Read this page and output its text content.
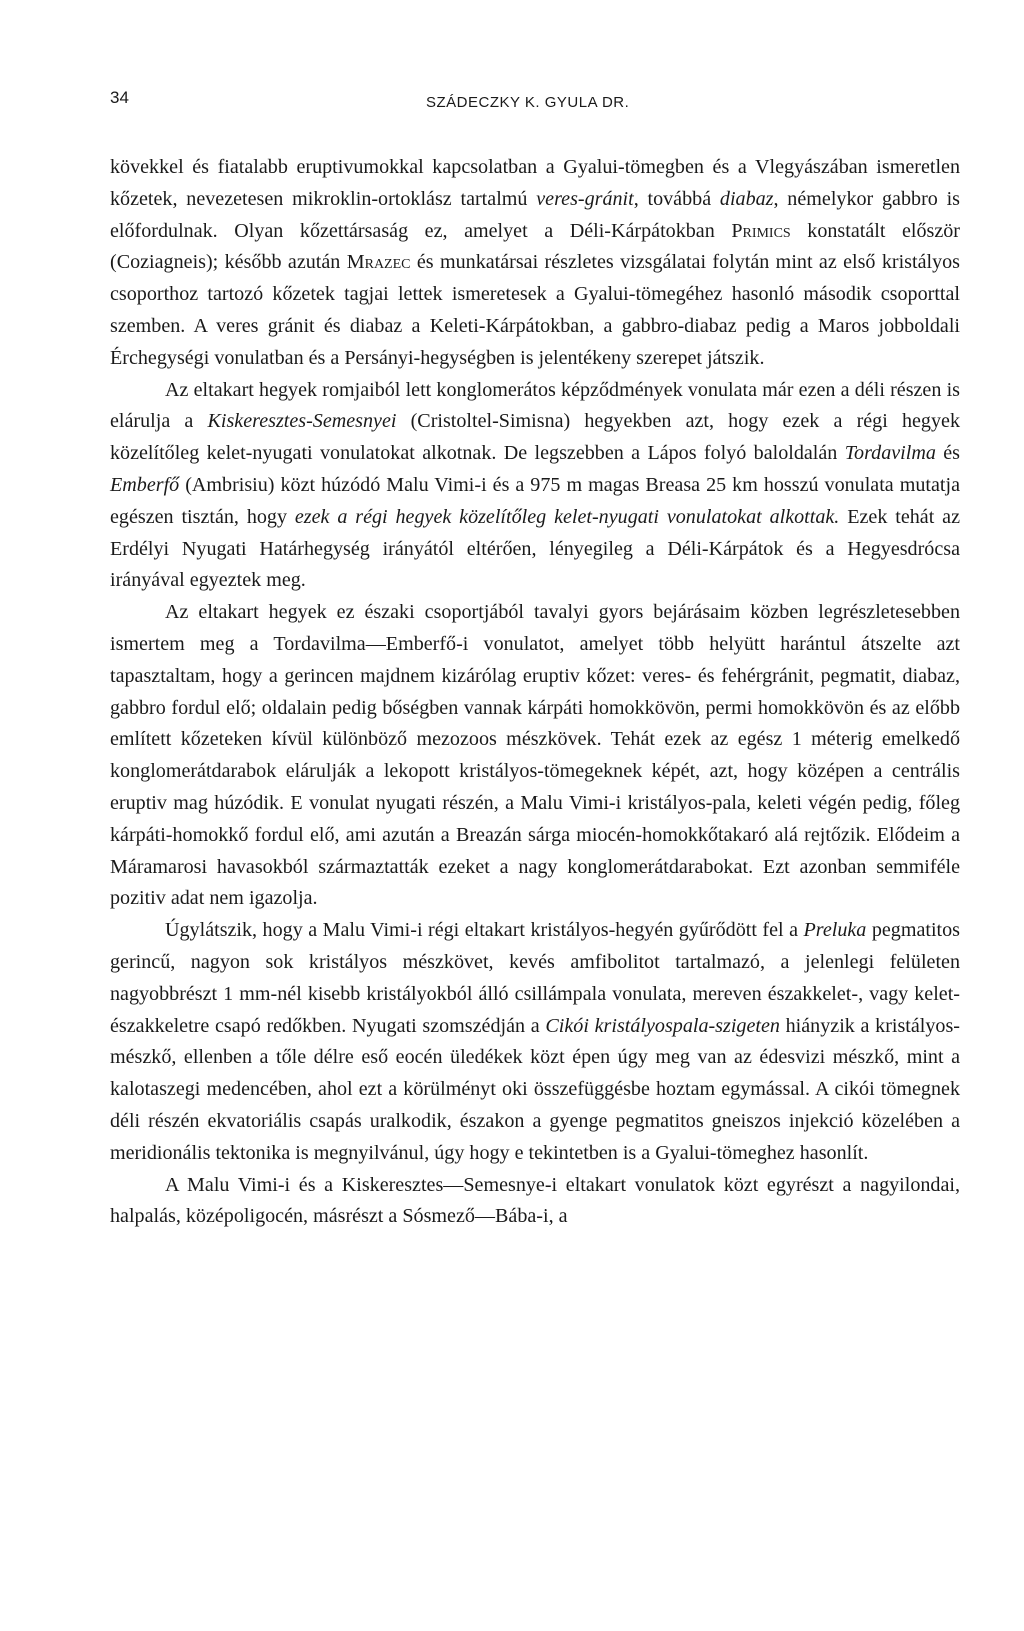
34	SZÁDECZKY K. GYULA DR.

kövekkel és fiatalabb eruptivumokkal kapcsolatban a Gyalui-tömegben és a Vlegyászában ismeretlen kőzetek, nevezetesen mikroklin-ortoklász tartalmú veres-gránit, továbbá diabaz, némelykor gabbro is előfordulnak. Olyan kőzettársaság ez, amelyet a Déli-Kárpátokban Primics konstatált először (Coziagneis); később azután Mrazec és munkatársai részletes vizsgálatai folytán mint az első kristályos csoporthoz tartozó kőzetek tagjai lettek ismeretesek a Gyalui-tömegéhez hasonló második csoporttal szemben. A veres gránit és diabaz a Keleti-Kárpátokban, a gabbro-diabaz pedig a Maros jobboldali Érchegységi vonulatban és a Persányi-hegységben is jelentékeny szerepet játszik.

Az eltakart hegyek romjaiból lett konglomerátos képződmények vonulata már ezen a déli részen is elárulja a Kiskeresztes-Semesnyei (Cristoltel-Simisna) hegyekben azt, hogy ezek a régi hegyek közelítőleg kelet-nyugati vonulatokat alkotnak. De legszebben a Lápos folyó baloldalán Tordavilma és Emberfő (Ambrisiu) közt húzódó Malu Vimi-i és a 975 m magas Breasa 25 km hosszú vonulata mutatja egészen tisztán, hogy ezek a régi hegyek közelítőleg kelet-nyugati vonulatokat alkottak. Ezek tehát az Erdélyi Nyugati Határhegység irányától eltérően, lényegileg a Déli-Kárpátok és a Hegyesdrócsa irányával egyeztek meg.

Az eltakart hegyek ez északi csoportjából tavalyi gyors bejárásaim közben legrészletesebben ismertem meg a Tordavilma—Emberfő-i vonulatot, amelyet több helyütt harántul átszelte azt tapasztaltam, hogy a gerincen majdnem kizárólag eruptiv kőzet: veres- és fehérgránit, pegmatit, diabaz, gabbro fordul elő; oldalain pedig bőségben vannak kárpáti homokkövön, permi homokkövön és az előbb említett kőzeteken kívül különböző mezozoos mészkövek. Tehát ezek az egész 1 méterig emelkedő konglomerátdarabok elárulják a lekopott kristályos-tömegeknek képét, azt, hogy középen a centrális eruptiv mag húzódik. E vonulat nyugati részén, a Malu Vimi-i kristályos-pala, keleti végén pedig, főleg kárpáti-homokkő fordul elő, ami azután a Breazán sárga miocén-homokkőtakaró alá rejtőzik. Elődeim a Máramarosi havasokból származtatták ezeket a nagy konglomerátdarabokat. Ezt azonban semmiféle pozitiv adat nem igazolja.

Úgylátszik, hogy a Malu Vimi-i régi eltakart kristályos-hegyén gyűrődött fel a Preluka pegmatitos gerincű, nagyon sok kristályos mészkövet, kevés amfibolitot tartalmazó, a jelenlegi felületen nagyobbrészt 1 mm-nél kisebb kristályokból álló csillámpala vonulata, mereven északkelet-, vagy kelet-északkeletre csapó redőkben. Nyugati szomszédján a Cikói kristályospala-szigeten hiányzik a kristályos-mészkő, ellenben a tőle délre eső eocén üledékek közt épen úgy meg van az édesvizi mészkő, mint a kalotaszegi medencében, ahol ezt a körülményt oki összefüggésbe hoztam egymással. A cikói tömegnek déli részén ekvatoriális csapás uralkodik, északon a gyenge pegmatitos gneiszos injekció közelében a meridionális tektonika is megnyilvánul, úgy hogy e tekintetben is a Gyalui-tömeghez hasonlít.

A Malu Vimi-i és a Kiskeresztes—Semesnye-i eltakart vonulatok közt egyrészt a nagyilondai, halpalás, középoligocén, másrészt a Sósmező—Bába-i, a
